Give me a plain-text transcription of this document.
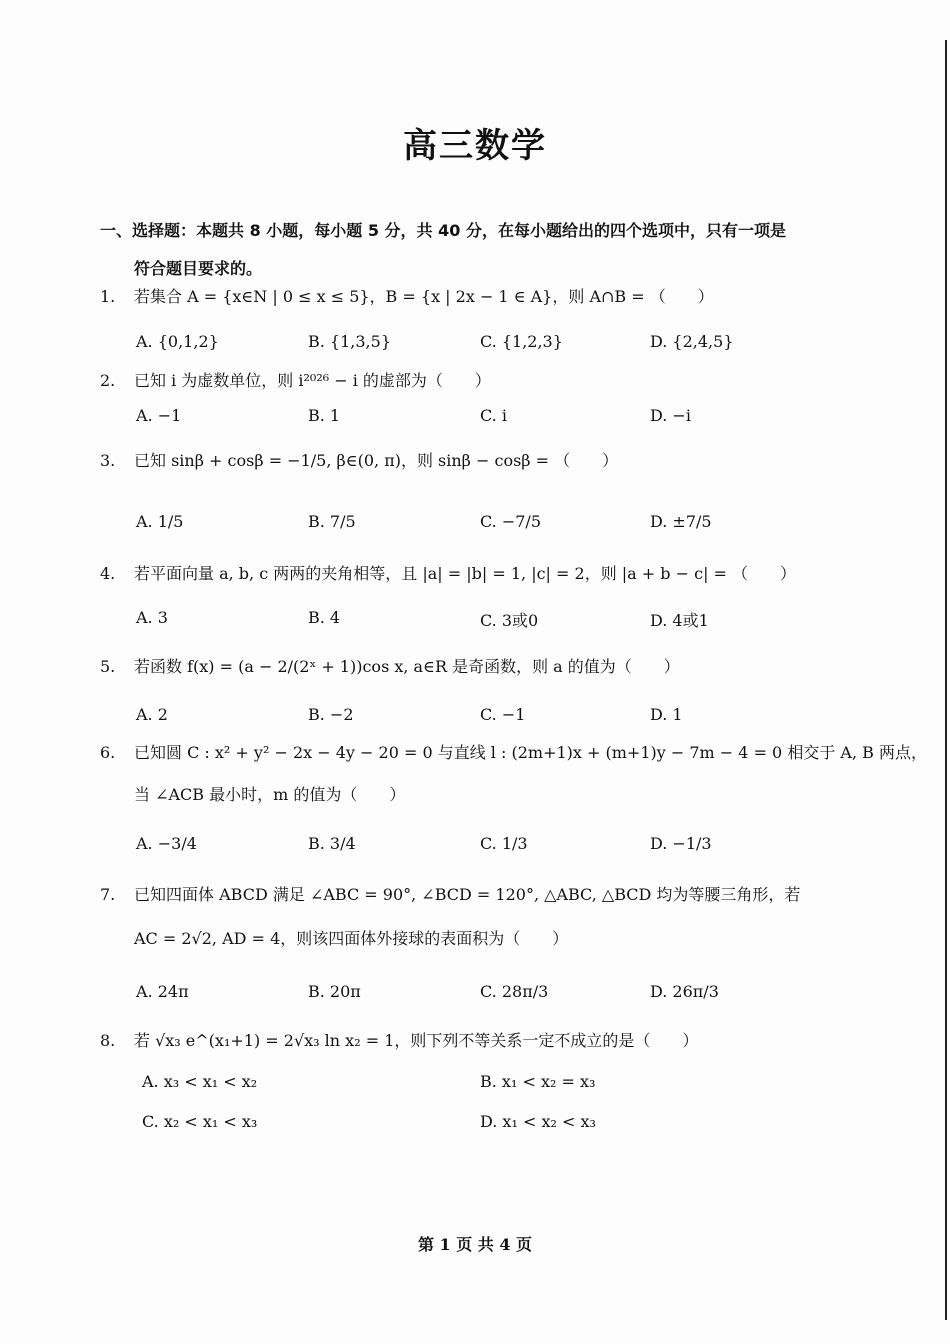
高三数学
一、选择题：本题共 8 小题，每小题 5 分，共 40 分，在每小题给出的四个选项中，只有一项是
符合题目要求的。
1. 若集合 A = {x∈N | 0 ≤ x ≤ 5}，B = {x | 2x − 1 ∈ A}，则 A∩B = （　　）
A. {0,1,2}	B. {1,3,5}	C. {1,2,3}	D. {2,4,5}
2. 已知 i 为虚数单位，则 i²⁰²⁶ − i 的虚部为（　　）
A. −1	B. 1	C. i	D. −i
3. 已知 sinβ + cosβ = −1/5, β∈(0, π)，则 sinβ − cosβ = （　　）
A. 1/5	B. 7/5	C. −7/5	D. ±7/5
4. 若平面向量 a, b, c 两两的夹角相等，且 |a| = |b| = 1, |c| = 2，则 |a + b − c| = （　　）
A. 3	B. 4	C. 3或0	D. 4或1
5. 若函数 f(x) = (a − 2/(2ˣ + 1))cos x, a∈R 是奇函数，则 a 的值为（　　）
A. 2	B. −2	C. −1	D. 1
6. 已知圆 C : x² + y² − 2x − 4y − 20 = 0 与直线 l : (2m+1)x + (m+1)y − 7m − 4 = 0 相交于 A, B 两点，
当 ∠ACB 最小时，m 的值为（　　）
A. −3/4	B. 3/4	C. 1/3	D. −1/3
7. 已知四面体 ABCD 满足 ∠ABC = 90°, ∠BCD = 120°, △ABC, △BCD 均为等腰三角形，若
AC = 2√2, AD = 4，则该四面体外接球的表面积为（　　）
A. 24π	B. 20π	C. 28π/3	D. 26π/3
8. 若 √x₃ e^(x₁+1) = 2√x₃ ln x₂ = 1，则下列不等关系一定不成立的是（　　）
A. x₃ < x₁ < x₂	B. x₁ < x₂ = x₃
C. x₂ < x₁ < x₃	D. x₁ < x₂ < x₃
第 1 页 共 4 页
